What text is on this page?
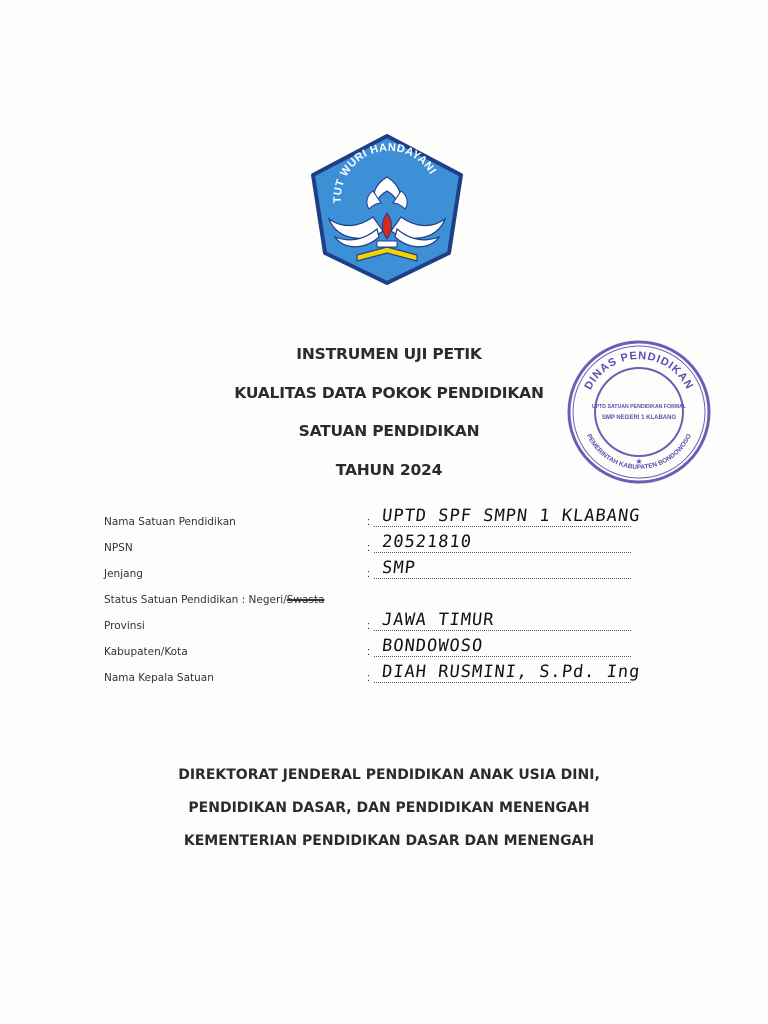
TUT WURI HANDAYANI
DINAS PENDIDIKAN
PEMERINTAH KABUPATEN BONDOWOSO
UPTD SATUAN PENDIDIKAN FORMAL
SMP NEGERI 1 KLABANG
★
INSTRUMEN UJI PETIK
KUALITAS DATA POKOK PENDIDIKAN
SATUAN PENDIDIKAN
TAHUN 2024
Nama Satuan Pendidikan	: UPTD SPF SMPN 1 KLABANG
NPSN	: 20521810
Jenjang	: SMP
Status Satuan Pendidikan : Negeri/Swasta
Provinsi	: JAWA TIMUR
Kabupaten/Kota	: BONDOWOSO
Nama Kepala Satuan	: DIAH RUSMINI, S.Pd. Ing
DIREKTORAT JENDERAL PENDIDIKAN ANAK USIA DINI,
PENDIDIKAN DASAR, DAN PENDIDIKAN MENENGAH
KEMENTERIAN PENDIDIKAN DASAR DAN MENENGAH
